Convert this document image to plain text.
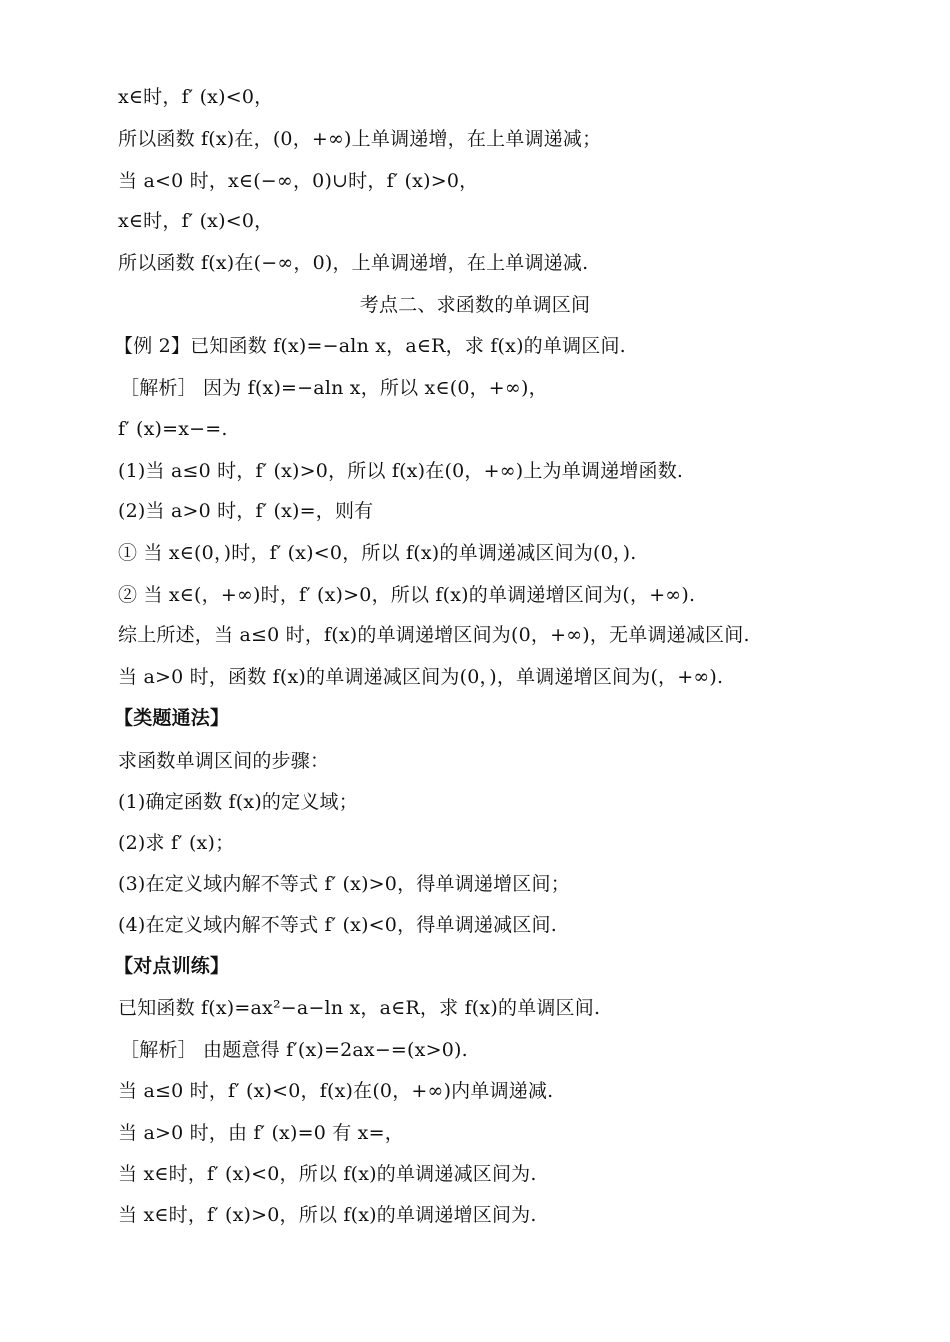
x∈时，f′ (x)<0，
所以函数 f(x)在，(0，+∞)上单调递增，在上单调递减；
当 a<0 时，x∈(−∞，0)∪时，f′ (x)>0，
x∈时，f′ (x)<0，
所以函数 f(x)在(−∞，0)，上单调递增，在上单调递减.
考点二、求函数的单调区间
【例 2】已知函数 f(x)=−aln x，a∈R，求 f(x)的单调区间.
［解析］ 因为 f(x)=−aln x，所以 x∈(0，+∞)，
f′ (x)=x−=.
(1)当 a≤0 时，f′ (x)>0，所以 f(x)在(0，+∞)上为单调递增函数.
(2)当 a>0 时，f′ (x)=，则有
① 当 x∈(0，)时，f′ (x)<0，所以 f(x)的单调递减区间为(0，).
② 当 x∈(，+∞)时，f′ (x)>0，所以 f(x)的单调递增区间为(，+∞).
综上所述，当 a≤0 时，f(x)的单调递增区间为(0，+∞)，无单调递减区间.
当 a>0 时，函数 f(x)的单调递减区间为(0，)，单调递增区间为(，+∞).
【类题通法】
求函数单调区间的步骤：
(1)确定函数 f(x)的定义域；
(2)求 f′ (x)；
(3)在定义域内解不等式 f′ (x)>0，得单调递增区间；
(4)在定义域内解不等式 f′ (x)<0，得单调递减区间.
【对点训练】
已知函数 f(x)=ax²−a−ln x，a∈R，求 f(x)的单调区间.
［解析］ 由题意得 f′(x)=2ax−=(x>0).
当 a≤0 时，f′ (x)<0，f(x)在(0，+∞)内单调递减.
当 a>0 时，由 f′ (x)=0 有 x=，
当 x∈时，f′ (x)<0，所以 f(x)的单调递减区间为.
当 x∈时，f′ (x)>0，所以 f(x)的单调递增区间为.
